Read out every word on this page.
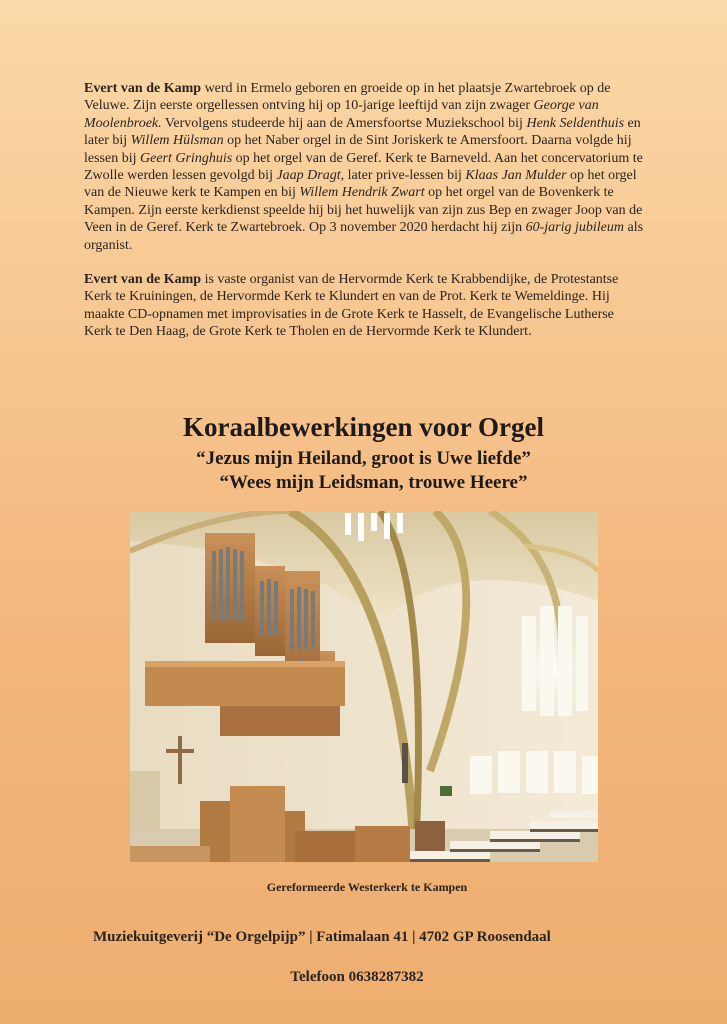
Evert van de Kamp werd in Ermelo geboren en groeide op in het plaatsje Zwartebroek op de Veluwe. Zijn eerste orgellessen ontving hij op 10-jarige leeftijd van zijn zwager George van Moolenbroek. Vervolgens studeerde hij aan de Amersfoortse Muziekschool bij Henk Seldenthuis en later bij Willem Hülsman op het Naber orgel in de Sint Joriskerk te Amersfoort. Daarna volgde hij lessen bij Geert Gringhuis op het orgel van de Geref. Kerk te Barneveld. Aan het concervatorium te Zwolle werden lessen gevolgd bij Jaap Dragt, later prive-lessen bij Klaas Jan Mulder op het orgel van de Nieuwe kerk te Kampen en bij Willem Hendrik Zwart op het orgel van de Bovenkerk te Kampen. Zijn eerste kerkdienst speelde hij bij het huwelijk van zijn zus Bep en zwager Joop van de Veen in de Geref. Kerk te Zwartebroek. Op 3 november 2020 herdacht hij zijn 60-jarig jubileum als organist.

Evert van de Kamp is vaste organist van de Hervormde Kerk te Krabbendijke, de Protestantse Kerk te Kruiningen, de Hervormde Kerk te Klundert en van de Prot. Kerk te Wemeldinge. Hij maakte CD-opnamen met improvisaties in de Grote Kerk te Hasselt, de Evangelische Lutherse Kerk te Den Haag, de Grote Kerk te Tholen en de Hervormde Kerk te Klundert.

Koraalbewerkingen voor Orgel
“Jezus mijn Heiland, groot is Uwe liefde”
“Wees mijn Leidsman, trouwe Heere”
Gereformeerde Westerkerk te Kampen
Muziekuitgeverij “De Orgelpijp” | Fatimalaan 41 | 4702 GP Roosendaal
Telefoon 0638287382
